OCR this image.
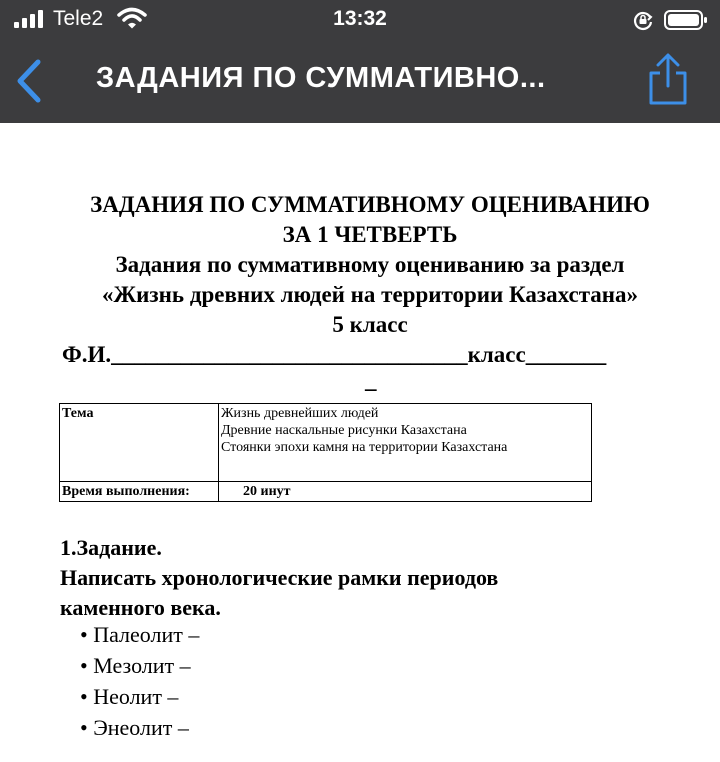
Tele2	13:32
ЗАДАНИЯ ПО СУММАТИВНО...
ЗАДАНИЯ ПО СУММАТИВНОМУ ОЦЕНИВАНИЮ
ЗА 1 ЧЕТВЕРТЬ
Задания по суммативному оцениванию за раздел
«Жизнь древних людей на территории Казахстана»
5 класс
Ф.И._______________________________класс_______
_
Тема	Жизнь древнейших людей
Древние наскальные рисунки Казахстана
Стоянки эпохи камня на территории Казахстана

Время выполнения:	20 инут
1.Задание.
Написать хронологические рамки периодов
каменного века.
• Палеолит –
• Мезолит –
• Неолит –
• Энеолит –
